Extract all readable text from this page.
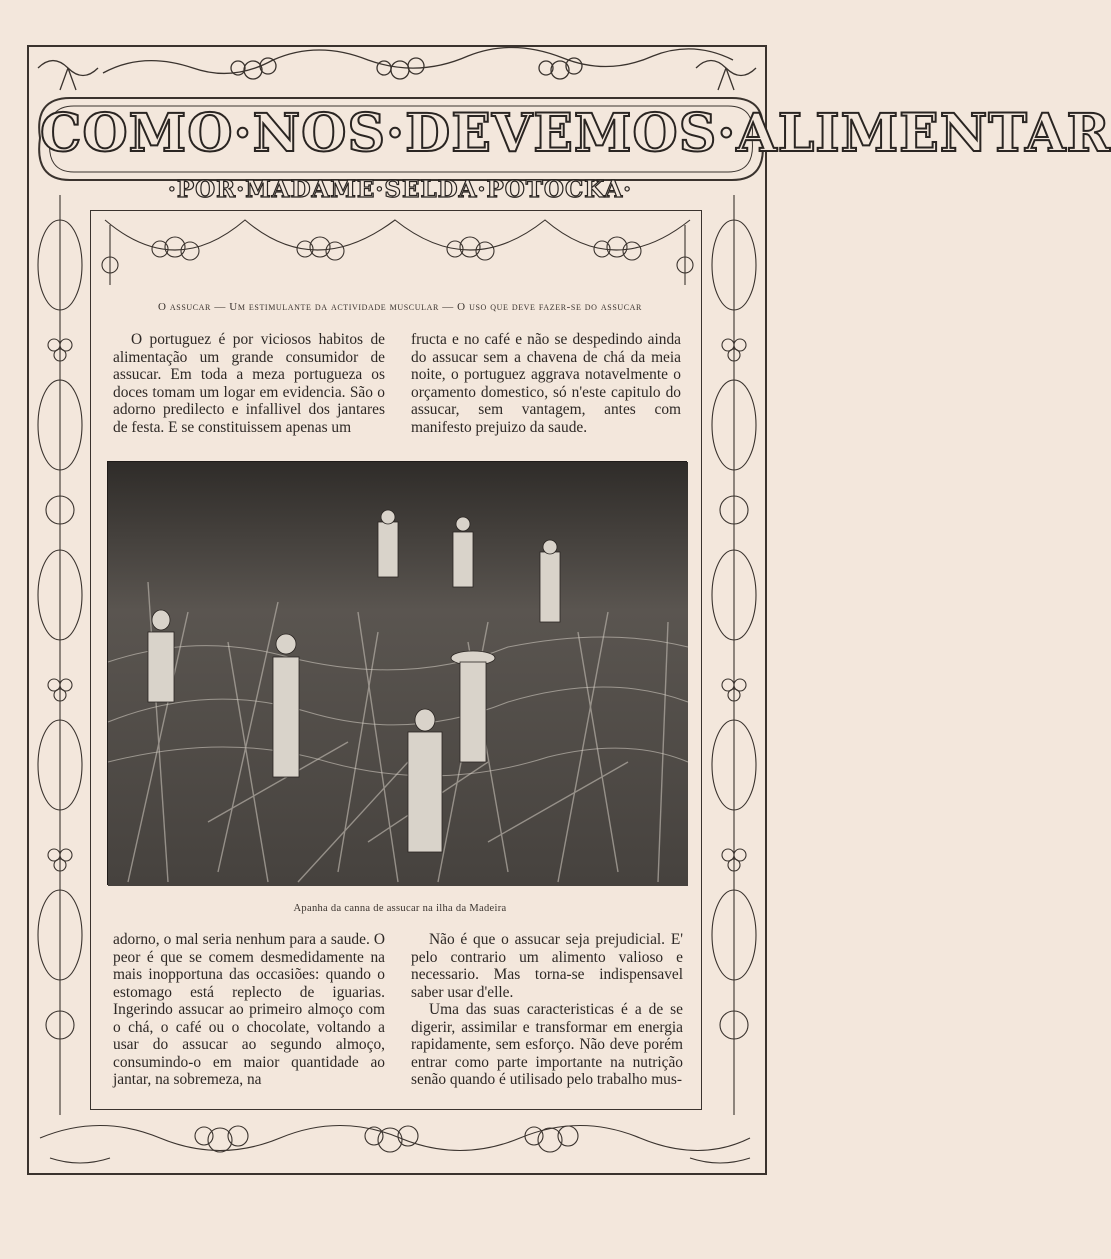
COMO·NOS·DEVEMOS·ALIMENTAR
·POR·MADAME·SELDA·POTOCKA·
O assucar — Um estimulante da actividade muscular — O uso que deve fazer-se do assucar

O portuguez é por viciosos habitos de alimentação um grande consumidor de assucar. Em toda a meza portugueza os doces tomam um logar em evidencia. São o adorno predilecto e infallivel dos jantares de festa. E se constituissem apenas um

fructa e no café e não se despedindo ainda do assucar sem a chavena de chá da meia noite, o portuguez aggrava notavelmente o orçamento domestico, só n'este capitulo do assucar, sem vantagem, antes com manifesto prejuizo da saude.

Apanha da canna de assucar na ilha da Madeira

adorno, o mal seria nenhum para a saude. O peor é que se comem desmedidamente na mais inopportuna das occasiões: quando o estomago está replecto de iguarias. Ingerindo assucar ao primeiro almoço com o chá, o café ou o chocolate, voltando a usar do assucar ao segundo almoço, consumindo-o em maior quantidade ao jantar, na sobremeza, na

Não é que o assucar seja prejudicial. E' pelo contrario um alimento valioso e necessario. Mas torna-se indispensavel saber usar d'elle.

Uma das suas caracteristicas é a de se digerir, assimilar e transformar em energia rapidamente, sem esforço. Não deve porém entrar como parte importante na nutrição senão quando é utilisado pelo trabalho mus-
